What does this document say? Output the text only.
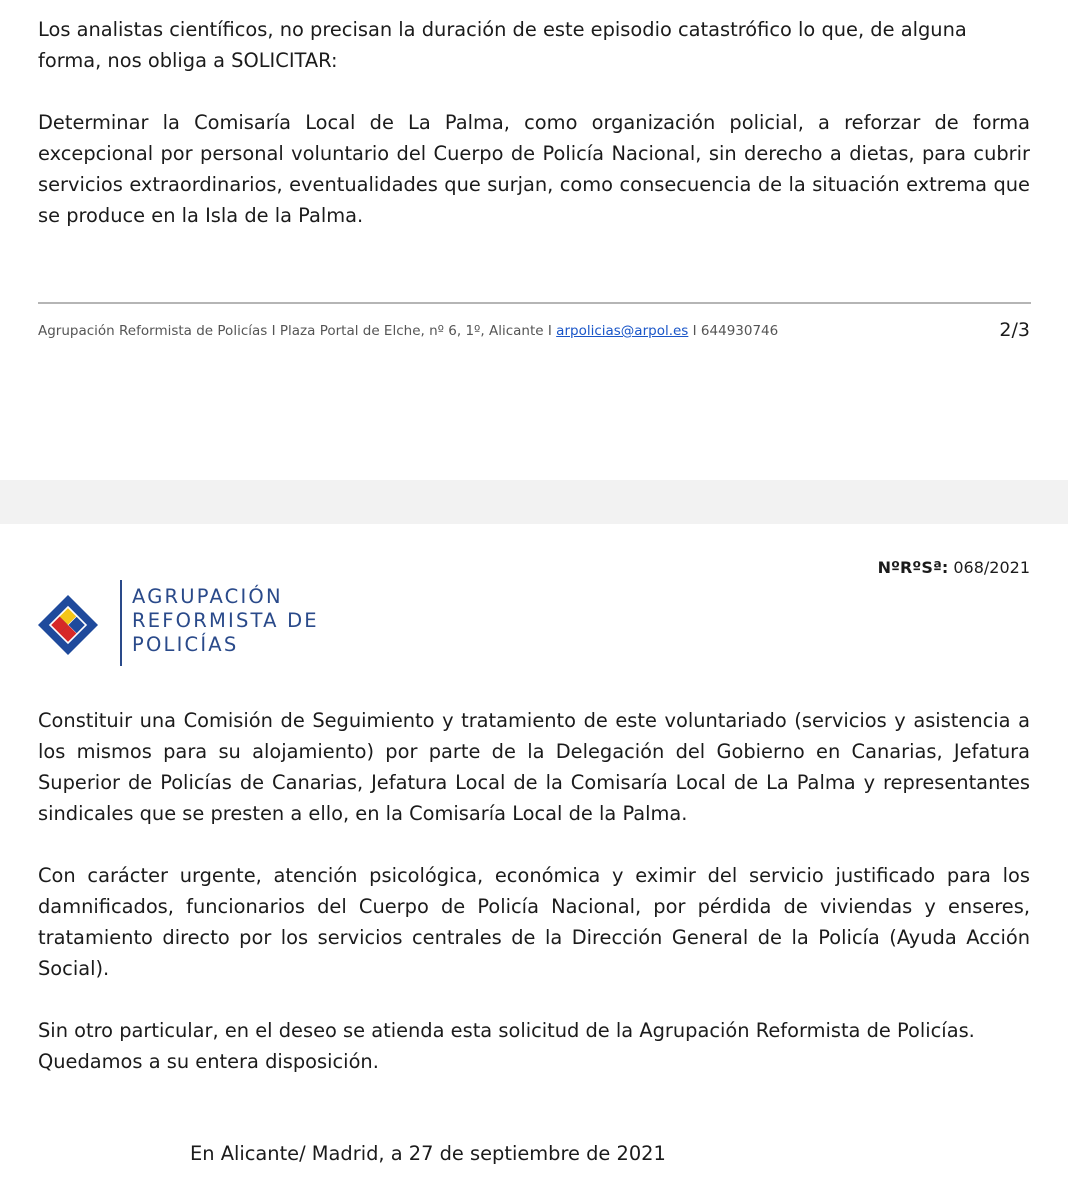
Los analistas científicos, no precisan la duración de este episodio catastrófico lo que, de alguna forma, nos obliga a SOLICITAR:

Determinar la Comisaría Local de La Palma, como organización policial, a reforzar de forma excepcional por personal voluntario del Cuerpo de Policía Nacional, sin derecho a dietas, para cubrir servicios extraordinarios, eventualidades que surjan, como consecuencia de la situación extrema que se produce en la Isla de la Palma.

Agrupación Reformista de Policías I Plaza Portal de Elche, nº 6, 1º, Alicante I arpolicias@arpol.es I 644930746	2/3
NºRºSª: 068/2021
AGRUPACIÓN
REFORMISTA DE
POLICÍAS

Constituir una Comisión de Seguimiento y tratamiento de este voluntariado (servicios y asistencia a los mismos para su alojamiento) por parte de la Delegación del Gobierno en Canarias, Jefatura Superior de Policías de Canarias, Jefatura Local de la Comisaría Local de La Palma y representantes sindicales que se presten a ello, en la Comisaría Local de la Palma.

Con carácter urgente, atención psicológica, económica y eximir del servicio justificado para los damnificados, funcionarios del Cuerpo de Policía Nacional, por pérdida de viviendas y enseres, tratamiento directo por los servicios centrales de la Dirección General de la Policía (Ayuda Acción Social).

Sin otro particular, en el deseo se atienda esta solicitud de la Agrupación Reformista de Policías. Quedamos a su entera disposición.

En Alicante/ Madrid, a 27 de septiembre de 2021
